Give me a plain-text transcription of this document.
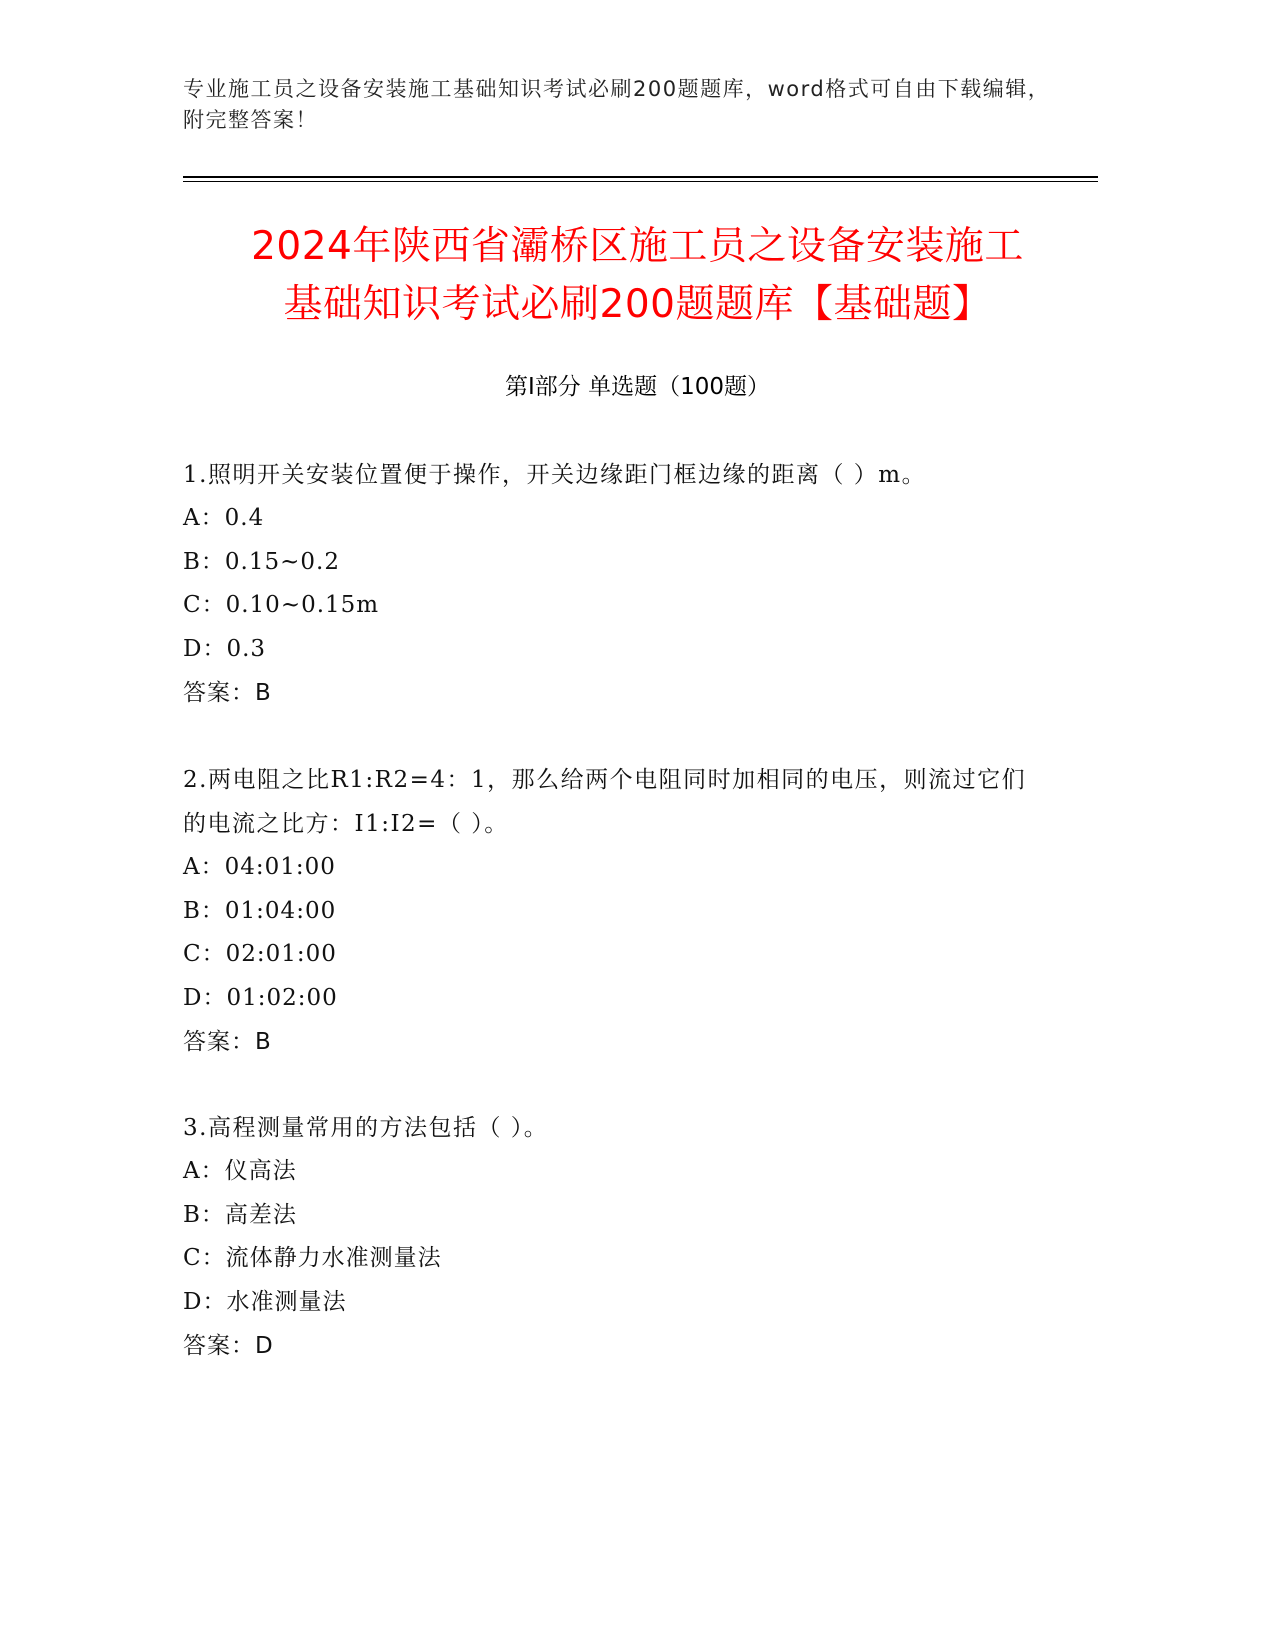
专业施工员之设备安装施工基础知识考试必刷200题题库，word格式可自由下载编辑，附完整答案！
2024年陕西省灞桥区施工员之设备安装施工
基础知识考试必刷200题题库【基础题】
第I部分 单选题（100题）

1.照明开关安装位置便于操作，开关边缘距门框边缘的距离（ ）m。

A：0.4

B：0.15~0.2

C：0.10~0.15m

D：0.3

答案：B

2.两电阻之比R1:R2=4：1，那么给两个电阻同时加相同的电压，则流过它们的电流之比方：I1:I2=（ ）。

A：04:01:00

B：01:04:00

C：02:01:00

D：01:02:00

答案：B

3.高程测量常用的方法包括（ ）。

A：仪高法

B：高差法

C：流体静力水准测量法

D：水准测量法

答案：D
